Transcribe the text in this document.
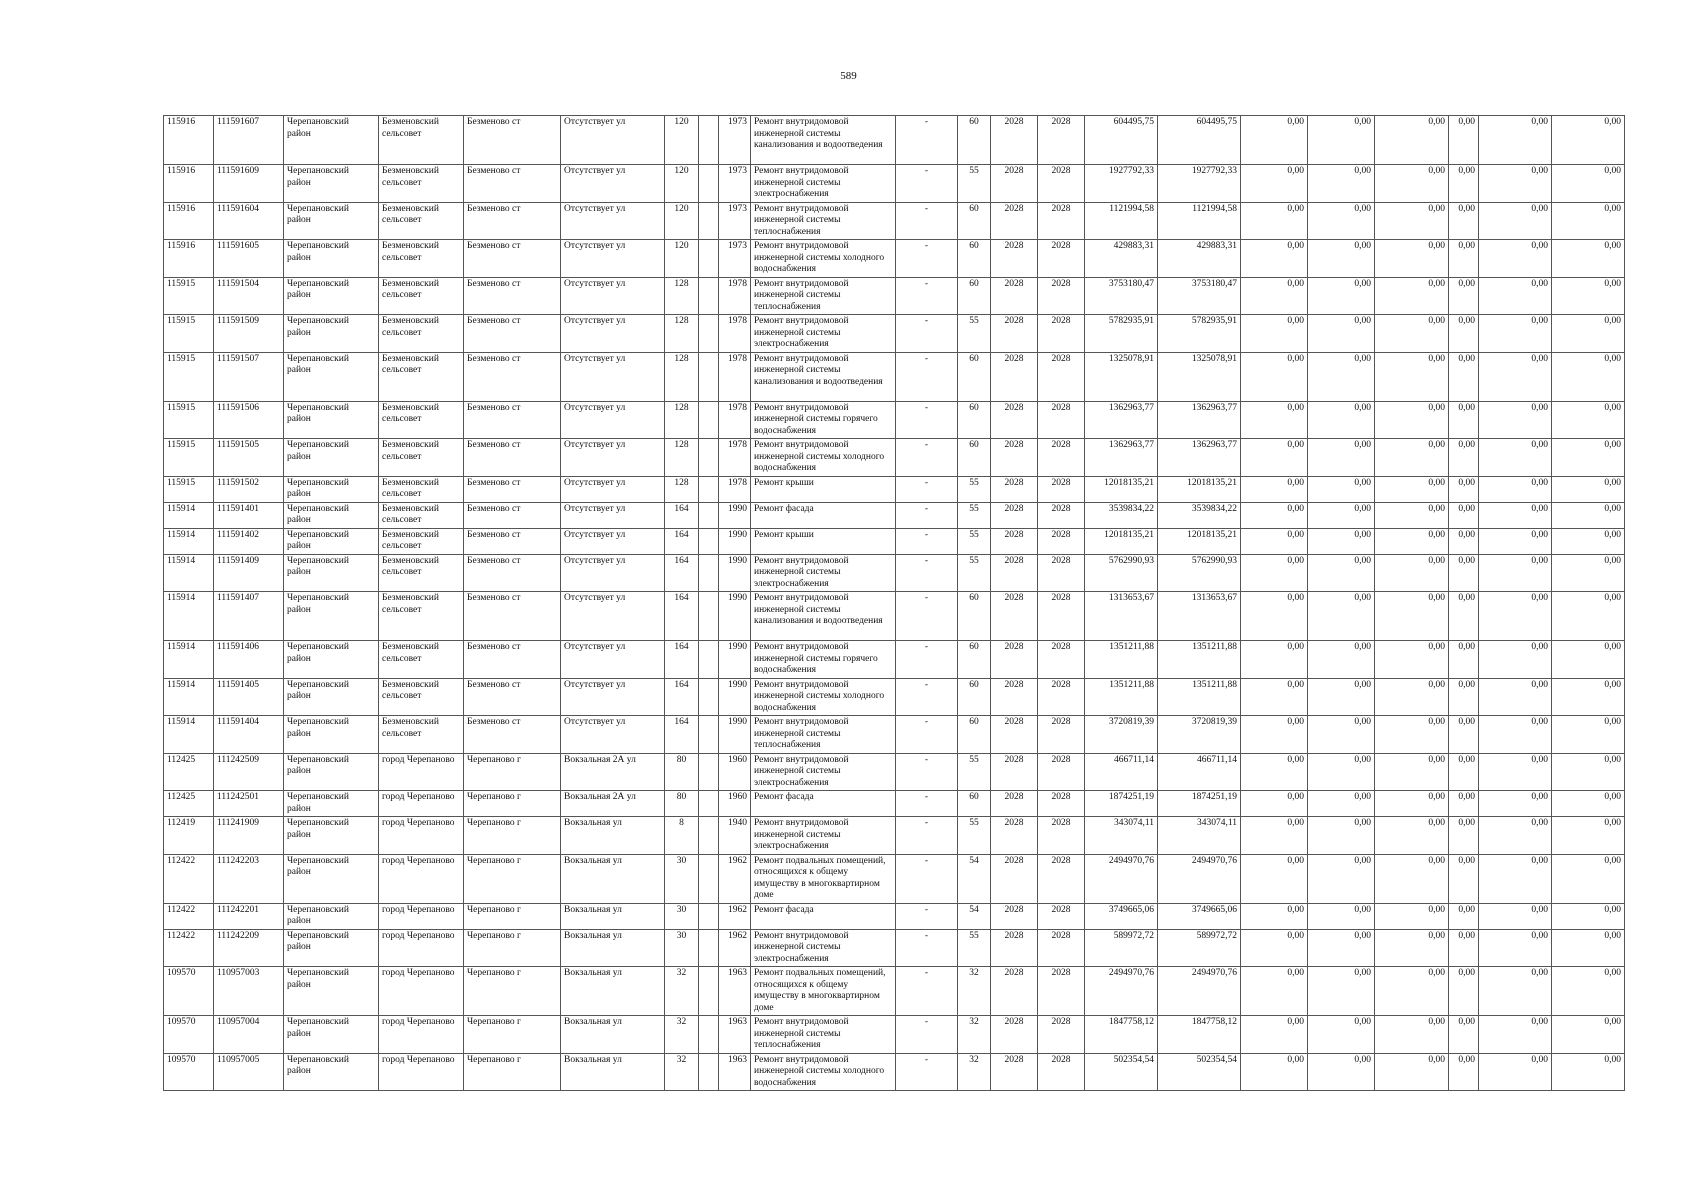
589
115916	111591607	Черепановский район	Безменовский сельсовет	Безменово ст	Отсутствует ул	120		1973	Ремонт внутридомовой инженерной системы канализования и водоотведения	-	60	2028	2028	604495,75	604495,75	0,00	0,00	0,00	0,00	0,00	0,00
115916	111591609	Черепановский район	Безменовский сельсовет	Безменово ст	Отсутствует ул	120		1973	Ремонт внутридомовой инженерной системы электроснабжения	-	55	2028	2028	1927792,33	1927792,33	0,00	0,00	0,00	0,00	0,00	0,00
115916	111591604	Черепановский район	Безменовский сельсовет	Безменово ст	Отсутствует ул	120		1973	Ремонт внутридомовой инженерной системы теплоснабжения	-	60	2028	2028	1121994,58	1121994,58	0,00	0,00	0,00	0,00	0,00	0,00
115916	111591605	Черепановский район	Безменовский сельсовет	Безменово ст	Отсутствует ул	120		1973	Ремонт внутридомовой инженерной системы холодного водоснабжения	-	60	2028	2028	429883,31	429883,31	0,00	0,00	0,00	0,00	0,00	0,00
115915	111591504	Черепановский район	Безменовский сельсовет	Безменово ст	Отсутствует ул	128		1978	Ремонт внутридомовой инженерной системы теплоснабжения	-	60	2028	2028	3753180,47	3753180,47	0,00	0,00	0,00	0,00	0,00	0,00
115915	111591509	Черепановский район	Безменовский сельсовет	Безменово ст	Отсутствует ул	128		1978	Ремонт внутридомовой инженерной системы электроснабжения	-	55	2028	2028	5782935,91	5782935,91	0,00	0,00	0,00	0,00	0,00	0,00
115915	111591507	Черепановский район	Безменовский сельсовет	Безменово ст	Отсутствует ул	128		1978	Ремонт внутридомовой инженерной системы канализования и водоотведения	-	60	2028	2028	1325078,91	1325078,91	0,00	0,00	0,00	0,00	0,00	0,00
115915	111591506	Черепановский район	Безменовский сельсовет	Безменово ст	Отсутствует ул	128		1978	Ремонт внутридомовой инженерной системы горячего водоснабжения	-	60	2028	2028	1362963,77	1362963,77	0,00	0,00	0,00	0,00	0,00	0,00
115915	111591505	Черепановский район	Безменовский сельсовет	Безменово ст	Отсутствует ул	128		1978	Ремонт внутридомовой инженерной системы холодного водоснабжения	-	60	2028	2028	1362963,77	1362963,77	0,00	0,00	0,00	0,00	0,00	0,00
115915	111591502	Черепановский район	Безменовский сельсовет	Безменово ст	Отсутствует ул	128		1978	Ремонт крыши	-	55	2028	2028	12018135,21	12018135,21	0,00	0,00	0,00	0,00	0,00	0,00
115914	111591401	Черепановский район	Безменовский сельсовет	Безменово ст	Отсутствует ул	164		1990	Ремонт фасада	-	55	2028	2028	3539834,22	3539834,22	0,00	0,00	0,00	0,00	0,00	0,00
115914	111591402	Черепановский район	Безменовский сельсовет	Безменово ст	Отсутствует ул	164		1990	Ремонт крыши	-	55	2028	2028	12018135,21	12018135,21	0,00	0,00	0,00	0,00	0,00	0,00
115914	111591409	Черепановский район	Безменовский сельсовет	Безменово ст	Отсутствует ул	164		1990	Ремонт внутридомовой инженерной системы электроснабжения	-	55	2028	2028	5762990,93	5762990,93	0,00	0,00	0,00	0,00	0,00	0,00
115914	111591407	Черепановский район	Безменовский сельсовет	Безменово ст	Отсутствует ул	164		1990	Ремонт внутридомовой инженерной системы канализования и водоотведения	-	60	2028	2028	1313653,67	1313653,67	0,00	0,00	0,00	0,00	0,00	0,00
115914	111591406	Черепановский район	Безменовский сельсовет	Безменово ст	Отсутствует ул	164		1990	Ремонт внутридомовой инженерной системы горячего водоснабжения	-	60	2028	2028	1351211,88	1351211,88	0,00	0,00	0,00	0,00	0,00	0,00
115914	111591405	Черепановский район	Безменовский сельсовет	Безменово ст	Отсутствует ул	164		1990	Ремонт внутридомовой инженерной системы холодного водоснабжения	-	60	2028	2028	1351211,88	1351211,88	0,00	0,00	0,00	0,00	0,00	0,00
115914	111591404	Черепановский район	Безменовский сельсовет	Безменово ст	Отсутствует ул	164		1990	Ремонт внутридомовой инженерной системы теплоснабжения	-	60	2028	2028	3720819,39	3720819,39	0,00	0,00	0,00	0,00	0,00	0,00
112425	111242509	Черепановский район	город Черепаново	Черепаново г	Вокзальная 2А ул	80		1960	Ремонт внутридомовой инженерной системы электроснабжения	-	55	2028	2028	466711,14	466711,14	0,00	0,00	0,00	0,00	0,00	0,00
112425	111242501	Черепановский район	город Черепаново	Черепаново г	Вокзальная 2А ул	80		1960	Ремонт фасада	-	60	2028	2028	1874251,19	1874251,19	0,00	0,00	0,00	0,00	0,00	0,00
112419	111241909	Черепановский район	город Черепаново	Черепаново г	Вокзальная ул	8		1940	Ремонт внутридомовой инженерной системы электроснабжения	-	55	2028	2028	343074,11	343074,11	0,00	0,00	0,00	0,00	0,00	0,00
112422	111242203	Черепановский район	город Черепаново	Черепаново г	Вокзальная ул	30		1962	Ремонт подвальных помещений, относящихся к общему имуществу в многоквартирном доме	-	54	2028	2028	2494970,76	2494970,76	0,00	0,00	0,00	0,00	0,00	0,00
112422	111242201	Черепановский район	город Черепаново	Черепаново г	Вокзальная ул	30		1962	Ремонт фасада	-	54	2028	2028	3749665,06	3749665,06	0,00	0,00	0,00	0,00	0,00	0,00
112422	111242209	Черепановский район	город Черепаново	Черепаново г	Вокзальная ул	30		1962	Ремонт внутридомовой инженерной системы электроснабжения	-	55	2028	2028	589972,72	589972,72	0,00	0,00	0,00	0,00	0,00	0,00
109570	110957003	Черепановский район	город Черепаново	Черепаново г	Вокзальная ул	32		1963	Ремонт подвальных помещений, относящихся к общему имуществу в многоквартирном доме	-	32	2028	2028	2494970,76	2494970,76	0,00	0,00	0,00	0,00	0,00	0,00
109570	110957004	Черепановский район	город Черепаново	Черепаново г	Вокзальная ул	32		1963	Ремонт внутридомовой инженерной системы теплоснабжения	-	32	2028	2028	1847758,12	1847758,12	0,00	0,00	0,00	0,00	0,00	0,00
109570	110957005	Черепановский район	город Черепаново	Черепаново г	Вокзальная ул	32		1963	Ремонт внутридомовой инженерной системы холодного водоснабжения	-	32	2028	2028	502354,54	502354,54	0,00	0,00	0,00	0,00	0,00	0,00
